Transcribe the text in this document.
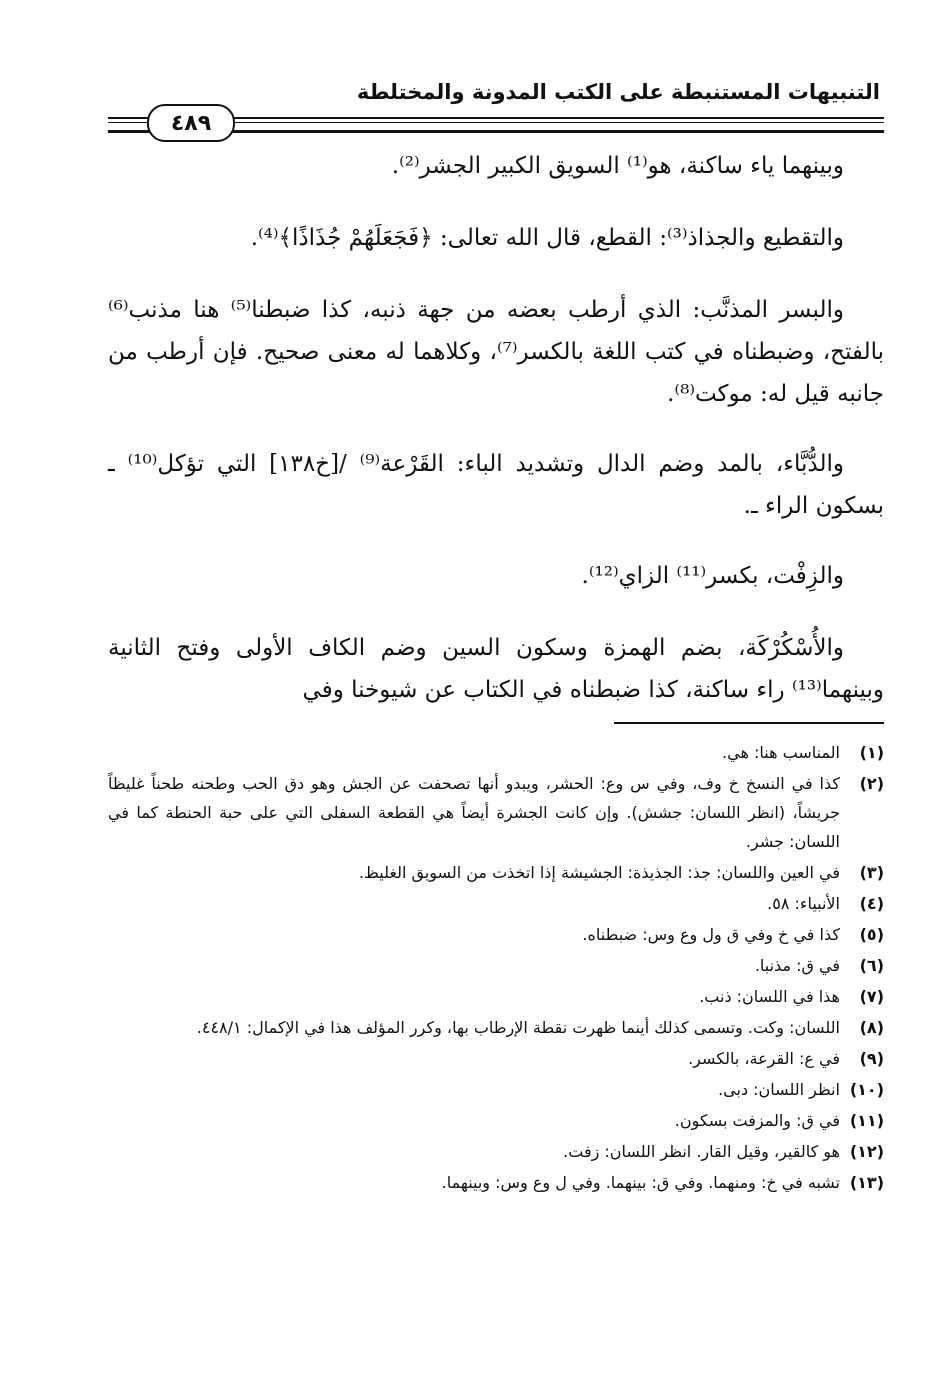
التنبيهات المستنبطة على الكتب المدونة والمختلطة
٤٨٩

وبينهما ياء ساكنة، هو⁽¹⁾ السويق الكبير الجشر⁽²⁾.

والتقطيع والجذاذ⁽³⁾: القطع، قال الله تعالى: ﴿فَجَعَلَهُمْ جُذَاذًا﴾⁽⁴⁾.

والبسر المذنَّب: الذي أرطب بعضه من جهة ذنبه، كذا ضبطنا⁽⁵⁾ هنا مذنب⁽⁶⁾ بالفتح، وضبطناه في كتب اللغة بالكسر⁽⁷⁾، وكلاهما له معنى صحيح. فإن أرطب من جانبه قيل له: موكت⁽⁸⁾.

والدُّبَّاء، بالمد وضم الدال وتشديد الباء: القَرْعة⁽⁹⁾ /[خ١٣٨] التي تؤكل⁽¹⁰⁾ ـ بسكون الراء ـ.

والزِفْت، بكسر⁽¹¹⁾ الزاي⁽¹²⁾.

والأُسْكُرْكَة، بضم الهمزة وسكون السين وضم الكاف الأولى وفتح الثانية وبينهما⁽¹³⁾ راء ساكنة، كذا ضبطناه في الكتاب عن شيوخنا وفي

(١)
المناسب هنا: هي.
(٢)
كذا في النسخ خ وف، وفي س وع: الحشر، ويبدو أنها تصحفت عن الجش وهو دق الحب وطحنه طحناً غليظاً جريشاً، (انظر اللسان: جشش). وإن كانت الجشرة أيضاً هي القطعة السفلى التي على حبة الحنطة كما في اللسان: جشر.
(٣)
في العين واللسان: جذ: الجذيذة: الجشيشة إذا اتخذت من السويق الغليظ.
(٤)
الأنبياء: ٥٨.
(٥)
كذا في خ وفي ق ول وع وس: ضبطناه.
(٦)
في ق: مذنبا.
(٧)
هذا في اللسان: ذنب.
(٨)
اللسان: وكت. وتسمى كذلك أينما ظهرت نقطة الإرطاب بها، وكرر المؤلف هذا في الإكمال: ٤٤٨/١.
(٩)
في ع: القرعة، بالكسر.
(١٠)
انظر اللسان: دبى.
(١١)
في ق: والمزفت بسكون.
(١٢)
هو كالقير، وقيل القار. انظر اللسان: زفت.
(١٣)
تشبه في خ: ومنهما. وفي ق: بينهما. وفي ل وع وس: وبينهما.
